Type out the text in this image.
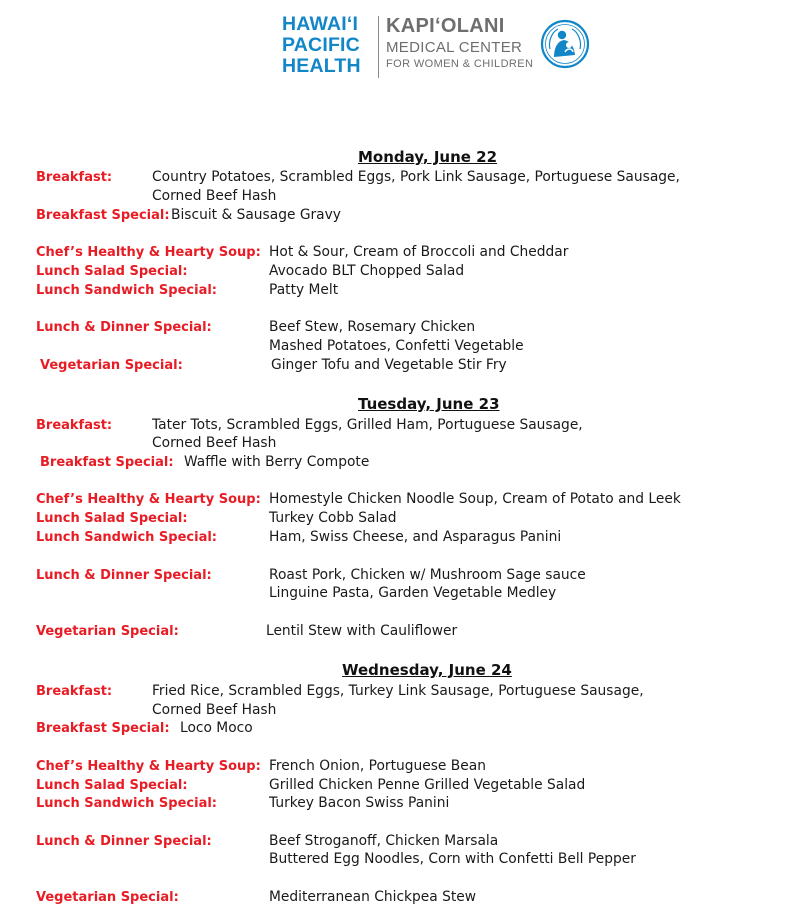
HAWAIʻI
PACIFIC
HEALTH
KAPIʻOLANI
MEDICAL CENTER
FOR WOMEN & CHILDREN
Monday, June 22
Breakfast:	Country Potatoes, Scrambled Eggs, Pork Link Sausage, Portuguese Sausage,
Corned Beef Hash
Breakfast Special: Biscuit & Sausage Gravy
Chef’s Healthy & Hearty Soup: Hot & Sour, Cream of Broccoli and Cheddar
Lunch Salad Special:	Avocado BLT Chopped Salad
Lunch Sandwich Special:	Patty Melt
Lunch & Dinner Special:	Beef Stew, Rosemary Chicken
Mashed Potatoes, Confetti Vegetable
Vegetarian Special:	Ginger Tofu and Vegetable Stir Fry
Tuesday, June 23
Breakfast:	Tater Tots, Scrambled Eggs, Grilled Ham, Portuguese Sausage,
Corned Beef Hash
Breakfast Special: Waffle with Berry Compote
Chef’s Healthy & Hearty Soup: Homestyle Chicken Noodle Soup, Cream of Potato and Leek
Lunch Salad Special:	Turkey Cobb Salad
Lunch Sandwich Special:	Ham, Swiss Cheese, and Asparagus Panini
Lunch & Dinner Special:	Roast Pork, Chicken w/ Mushroom Sage sauce
Linguine Pasta, Garden Vegetable Medley
Vegetarian Special:	Lentil Stew with Cauliflower
Wednesday, June 24
Breakfast:	Fried Rice, Scrambled Eggs, Turkey Link Sausage, Portuguese Sausage,
Corned Beef Hash
Breakfast Special: Loco Moco
Chef’s Healthy & Hearty Soup: French Onion, Portuguese Bean
Lunch Salad Special:	Grilled Chicken Penne Grilled Vegetable Salad
Lunch Sandwich Special:	Turkey Bacon Swiss Panini
Lunch & Dinner Special:	Beef Stroganoff, Chicken Marsala
Buttered Egg Noodles, Corn with Confetti Bell Pepper
Vegetarian Special:	Mediterranean Chickpea Stew
